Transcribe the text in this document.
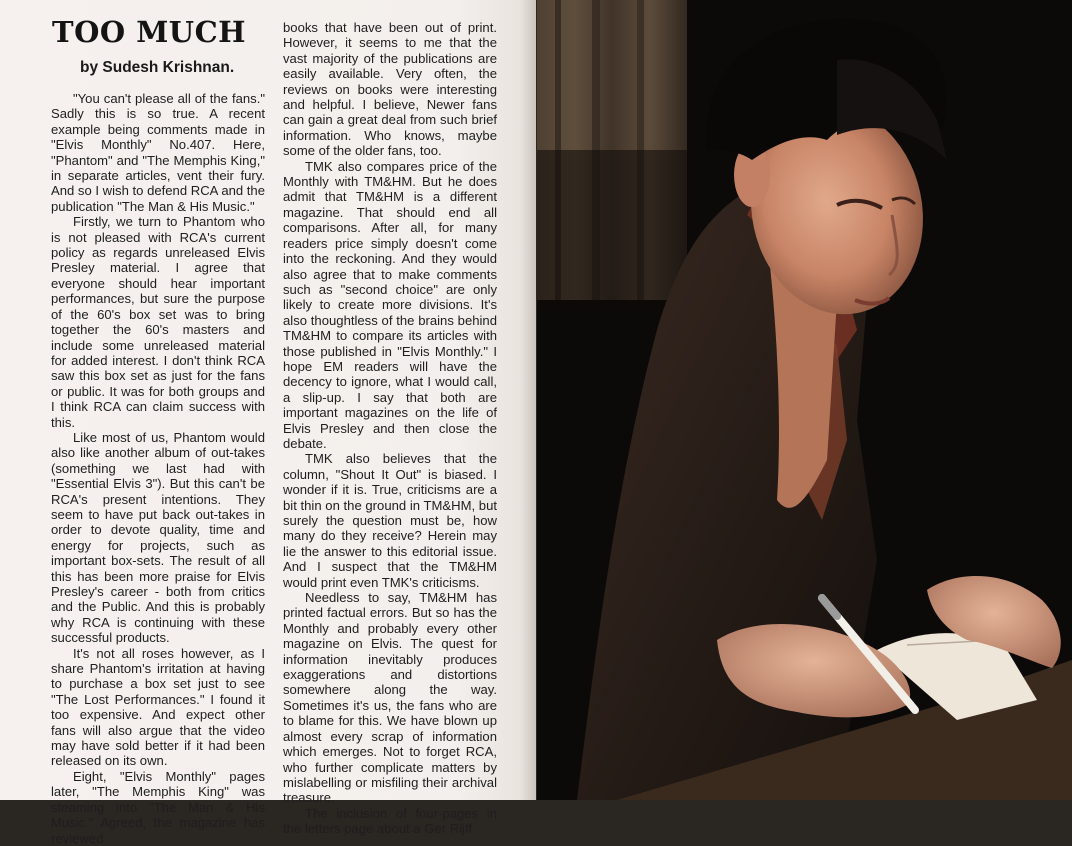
TOO MUCH
by Sudesh Krishnan.

"You can't please all of the fans." Sadly this is so true. A recent example being comments made in "Elvis Monthly" No.407. Here, "Phantom" and "The Memphis King," in separate articles, vent their fury. And so I wish to defend RCA and the publication "The Man & His Music."

Firstly, we turn to Phantom who is not pleased with RCA's current policy as regards unreleased Elvis Presley material. I agree that everyone should hear important performances, but sure the purpose of the 60's box set was to bring together the 60's masters and include some unreleased material for added interest. I don't think RCA saw this box set as just for the fans or public. It was for both groups and I think RCA can claim success with this.

Like most of us, Phantom would also like another album of out-takes (something we last had with "Essential Elvis 3"). But this can't be RCA's present intentions. They seem to have put back out-takes in order to devote quality, time and energy for projects, such as important box-sets. The result of all this has been more praise for Elvis Presley's career - both from critics and the Public. And this is probably why RCA is continuing with these successful products.

It's not all roses however, as I share Phantom's irritation at having to purchase a box set just to see "The Lost Performances." I found it too expensive. And expect other fans will also argue that the video may have sold better if it had been released on its own.

Eight, "Elvis Monthly" pages later, "The Memphis King" was steaming into "The Man & His Music." Agreed, the magazine has reviewed

books that have been out of print. However, it seems to me that the vast majority of the publications are easily available. Very often, the reviews on books were interesting and helpful. I believe, Newer fans can gain a great deal from such brief information. Who knows, maybe some of the older fans, too.

TMK also compares price of the Monthly with TM&HM. But he does admit that TM&HM is a different magazine. That should end all comparisons. After all, for many readers price simply doesn't come into the reckoning. And they would also agree that to make comments such as "second choice" are only likely to create more divisions. It's also thoughtless of the brains behind TM&HM to compare its articles with those published in "Elvis Monthly." I hope EM readers will have the decency to ignore, what I would call, a slip-up. I say that both are important magazines on the life of Elvis Presley and then close the debate.

TMK also believes that the column, "Shout It Out" is biased. I wonder if it is. True, criticisms are a bit thin on the ground in TM&HM, but surely the question must be, how many do they receive? Herein may lie the answer to this editorial issue. And I suspect that the TM&HM would print even TMK's criticisms.

Needless to say, TM&HM has printed factual errors. But so has the Monthly and probably every other magazine on Elvis. The quest for information inevitably produces exaggerations and distortions somewhere along the way. Sometimes it's us, the fans who are to blame for this. We have blown up almost every scrap of information which emerges. Not to forget RCA, who further complicate matters by mislabelling or misfiling their archival treasure.

The inclusion of four-pages in the letters page about a Ger Rijff
